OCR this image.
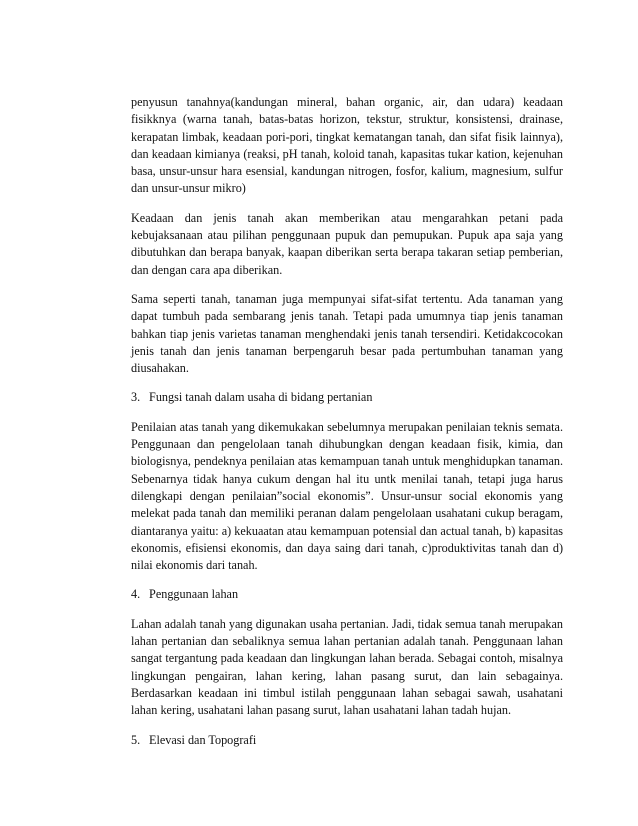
penyusun tanahnya(kandungan mineral, bahan organic, air, dan udara) keadaan fisikknya (warna tanah, batas-batas horizon, tekstur, struktur, konsistensi, drainase, kerapatan limbak, keadaan pori-pori, tingkat kematangan tanah, dan sifat fisik lainnya), dan keadaan kimianya (reaksi, pH tanah, koloid tanah, kapasitas tukar kation, kejenuhan basa, unsur-unsur hara esensial, kandungan nitrogen, fosfor, kalium, magnesium, sulfur dan unsur-unsur mikro)

Keadaan dan jenis tanah akan memberikan atau mengarahkan petani pada kebujaksanaan atau pilihan penggunaan pupuk dan pemupukan. Pupuk apa saja yang dibutuhkan dan berapa banyak, kaapan diberikan serta berapa takaran setiap pemberian, dan dengan cara apa diberikan.

Sama seperti tanah, tanaman juga mempunyai sifat-sifat tertentu. Ada tanaman yang dapat tumbuh pada sembarang jenis tanah. Tetapi pada umumnya tiap jenis tanaman bahkan tiap jenis varietas tanaman menghendaki jenis tanah tersendiri. Ketidakcocokan jenis tanah dan jenis tanaman berpengaruh besar pada pertumbuhan tanaman yang diusahakan.

3. Fungsi tanah dalam usaha di bidang pertanian

Penilaian atas tanah yang dikemukakan sebelumnya merupakan penilaian teknis semata. Penggunaan dan pengelolaan tanah dihubungkan dengan keadaan fisik, kimia, dan biologisnya, pendeknya penilaian atas kemampuan tanah untuk menghidupkan tanaman. Sebenarnya tidak hanya cukum dengan hal itu untk menilai tanah, tetapi juga harus dilengkapi dengan penilaian”social ekonomis”. Unsur-unsur social ekonomis yang melekat pada tanah dan memiliki peranan dalam pengelolaan usahatani cukup beragam, diantaranya yaitu: a) kekuaatan atau kemampuan potensial dan actual tanah, b) kapasitas ekonomis, efisiensi ekonomis, dan daya saing dari tanah, c)produktivitas tanah dan d) nilai ekonomis dari tanah.

4. Penggunaan lahan

Lahan adalah tanah yang digunakan usaha pertanian. Jadi, tidak semua tanah merupakan lahan pertanian dan sebaliknya semua lahan pertanian adalah tanah. Penggunaan lahan sangat tergantung pada keadaan dan lingkungan lahan berada. Sebagai contoh, misalnya lingkungan pengairan, lahan kering, lahan pasang surut, dan lain sebagainya. Berdasarkan keadaan ini timbul istilah penggunaan lahan sebagai sawah, usahatani lahan kering, usahatani lahan pasang surut, lahan usahatani lahan tadah hujan.

5. Elevasi dan Topografi
